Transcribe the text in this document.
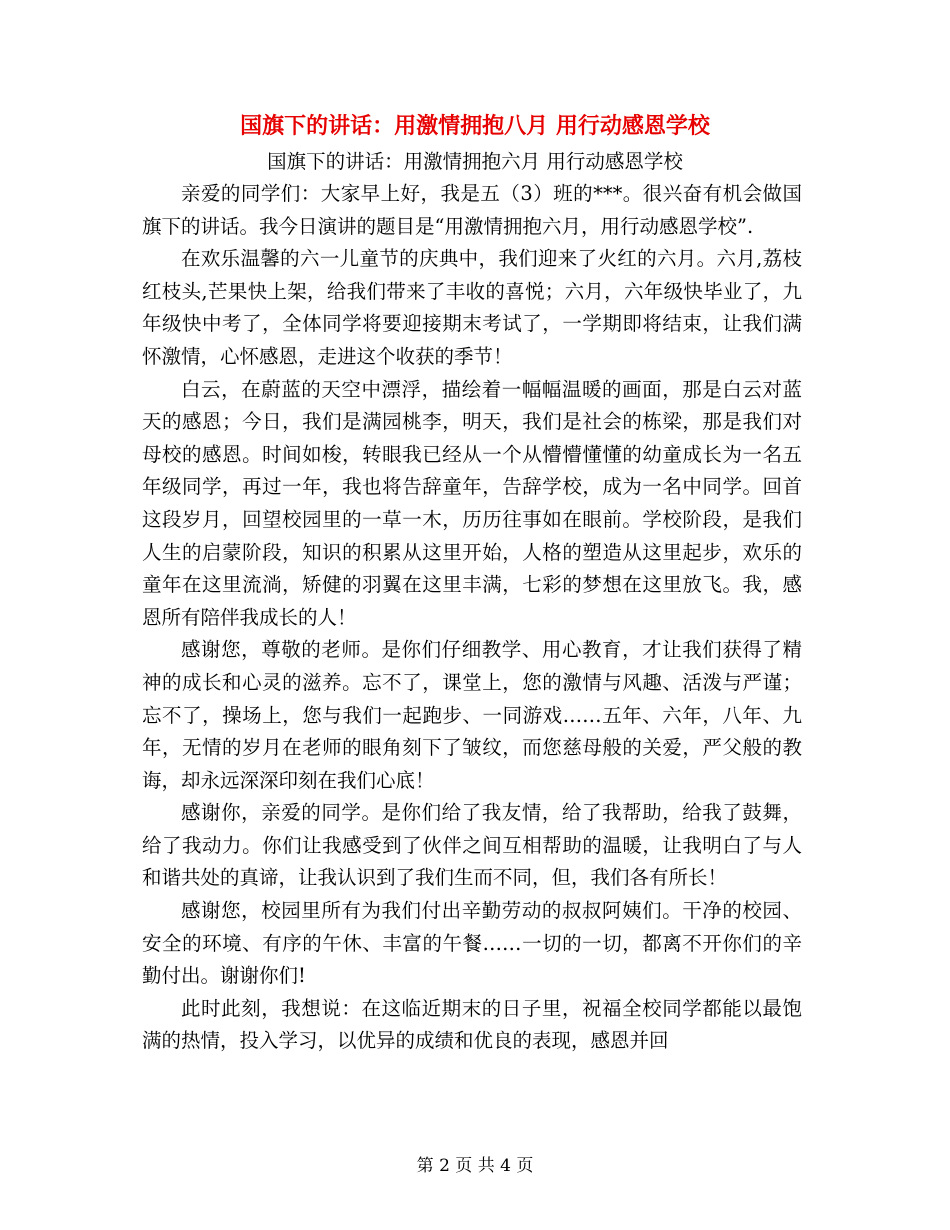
国旗下的讲话：用激情拥抱八月 用行动感恩学校
国旗下的讲话：用激情拥抱六月 用行动感恩学校

亲爱的同学们：大家早上好，我是五（3）班的***。很兴奋有机会做国旗下的讲话。我今日演讲的题目是“用激情拥抱六月，用行动感恩学校”.

在欢乐温馨的六一儿童节的庆典中，我们迎来了火红的六月。六月,荔枝红枝头,芒果快上架，给我们带来了丰收的喜悦；六月，六年级快毕业了，九年级快中考了，全体同学将要迎接期末考试了，一学期即将结束，让我们满怀激情，心怀感恩，走进这个收获的季节！

白云，在蔚蓝的天空中漂浮，描绘着一幅幅温暖的画面，那是白云对蓝天的感恩；今日，我们是满园桃李，明天，我们是社会的栋梁，那是我们对母校的感恩。时间如梭，转眼我已经从一个从懵懵懂懂的幼童成长为一名五年级同学，再过一年，我也将告辞童年，告辞学校，成为一名中同学。回首这段岁月，回望校园里的一草一木，历历往事如在眼前。学校阶段，是我们人生的启蒙阶段，知识的积累从这里开始，人格的塑造从这里起步，欢乐的童年在这里流淌，矫健的羽翼在这里丰满，七彩的梦想在这里放飞。我，感恩所有陪伴我成长的人！

感谢您，尊敬的老师。是你们仔细教学、用心教育，才让我们获得了精神的成长和心灵的滋养。忘不了，课堂上，您的激情与风趣、活泼与严谨；忘不了，操场上，您与我们一起跑步、一同游戏……五年、六年，八年、九年，无情的岁月在老师的眼角刻下了皱纹，而您慈母般的关爱，严父般的教诲，却永远深深印刻在我们心底！

感谢你，亲爱的同学。是你们给了我友情，给了我帮助，给我了鼓舞，给了我动力。你们让我感受到了伙伴之间互相帮助的温暖，让我明白了与人和谐共处的真谛，让我认识到了我们生而不同，但，我们各有所长！

感谢您，校园里所有为我们付出辛勤劳动的叔叔阿姨们。干净的校园、安全的环境、有序的午休、丰富的午餐……一切的一切，都离不开你们的辛勤付出。谢谢你们!

此时此刻，我想说：在这临近期末的日子里，祝福全校同学都能以最饱满的热情，投入学习，以优异的成绩和优良的表现，感恩并回

第 2 页 共 4 页
